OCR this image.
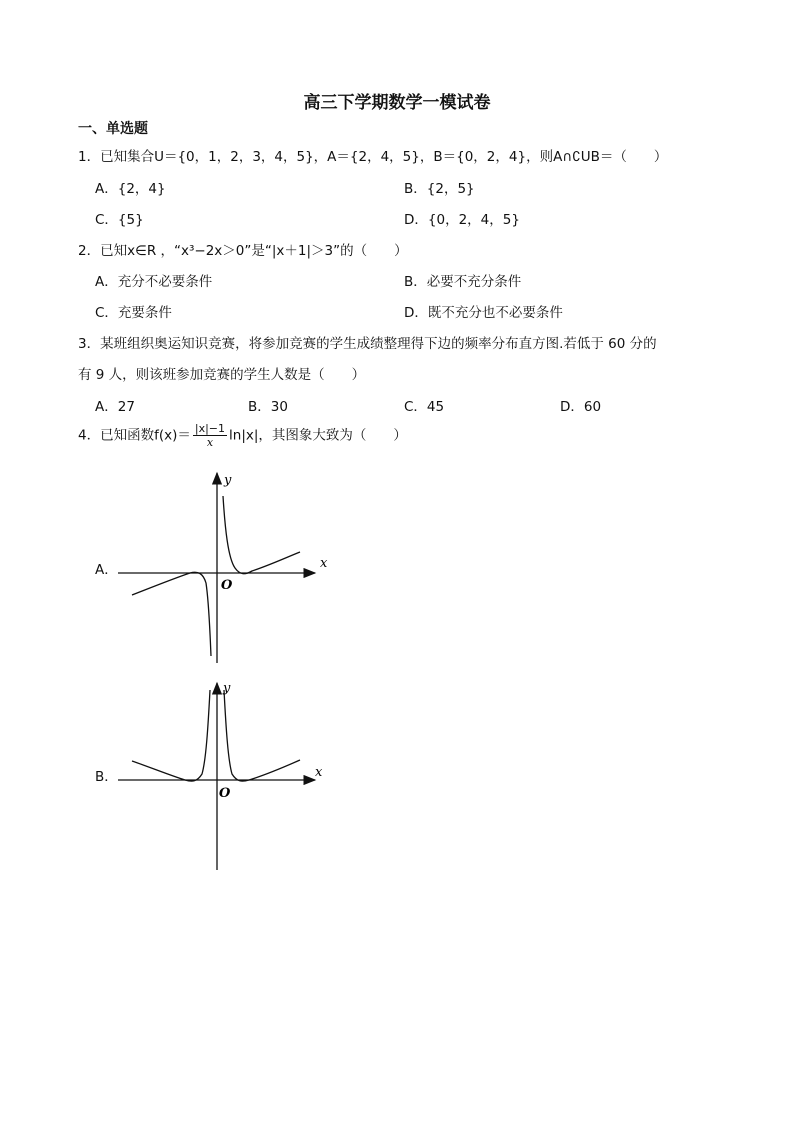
高三下学期数学一模试卷
一、单选题
1．已知集合U＝{0，1，2，3，4，5}，A＝{2，4，5}，B＝{0，2，4}，则A∩∁UB＝（　　）
A．{2，4}	B．{2，5}
C．{5}	D．{0，2，4，5}
2．已知x∈R ，“x³−2x＞0”是“|x＋1|＞3”的（　　）
A．充分不必要条件	B．必要不充分条件
C．充要条件	D．既不充分也不必要条件
3．某班组织奥运知识竞赛，将参加竞赛的学生成绩整理得下边的频率分布直方图.若低于 60 分的
有 9 人，则该班参加竞赛的学生人数是（　　）
A．27	B．30	C．45	D．60
4．已知函数$f(x)= \frac{|x|-1}{x} \ln|x|$，其图象大致为（　　）
A．
B．
x
y
O
x
y
O
